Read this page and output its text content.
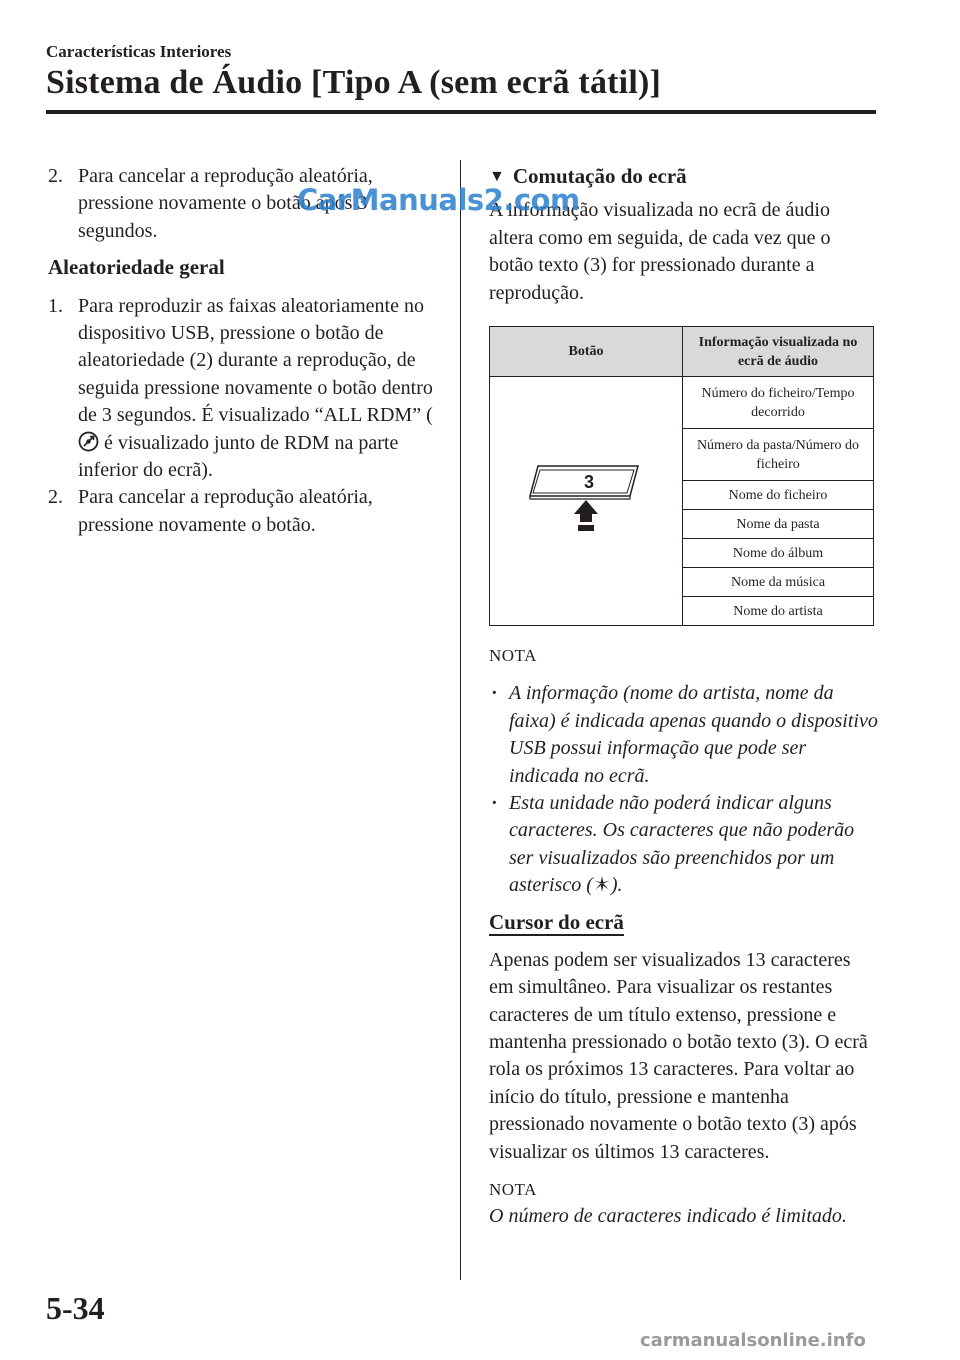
Características Interiores
Sistema de Áudio [Tipo A (sem ecrã tátil)]
2. Para cancelar a reprodução aleatória, pressione novamente o botão após 3 segundos.
Aleatoriedade geral
1. Para reproduzir as faixas aleatoriamente no dispositivo USB, pressione o botão de aleatoriedade (2) durante a reprodução, de seguida pressione novamente o botão dentro de 3 segundos. É visualizado “ALL RDM” ( é visualizado junto de RDM na parte inferior do ecrã).
2. Para cancelar a reprodução aleatória, pressione novamente o botão.
▼ Comutação do ecrã
A informação visualizada no ecrã de áudio altera como em seguida, de cada vez que o botão texto (3) for pressionado durante a reprodução.
Botão	Informação visualizada no ecrã de áudio

3	Número do ficheiro/Tempo decorrido
	Número da pasta/Número do ficheiro
	Nome do ficheiro
	Nome da pasta
	Nome do álbum
	Nome da música
	Nome do artista
NOTA
· A informação (nome do artista, nome da faixa) é indicada apenas quando o dispositivo USB possui informação que pode ser indicada no ecrã.
· Esta unidade não poderá indicar alguns caracteres. Os caracteres que não poderão ser visualizados são preenchidos por um asterisco ( ).
Cursor do ecrã
Apenas podem ser visualizados 13 caracteres em simultâneo. Para visualizar os restantes caracteres de um título extenso, pressione e mantenha pressionado o botão texto (3). O ecrã rola os próximos 13 caracteres. Para voltar ao início do título, pressione e mantenha pressionado novamente o botão texto (3) após visualizar os últimos 13 caracteres.
NOTA
O número de caracteres indicado é limitado.
CarManuals2.com
5-34
carmanualsonline.info
